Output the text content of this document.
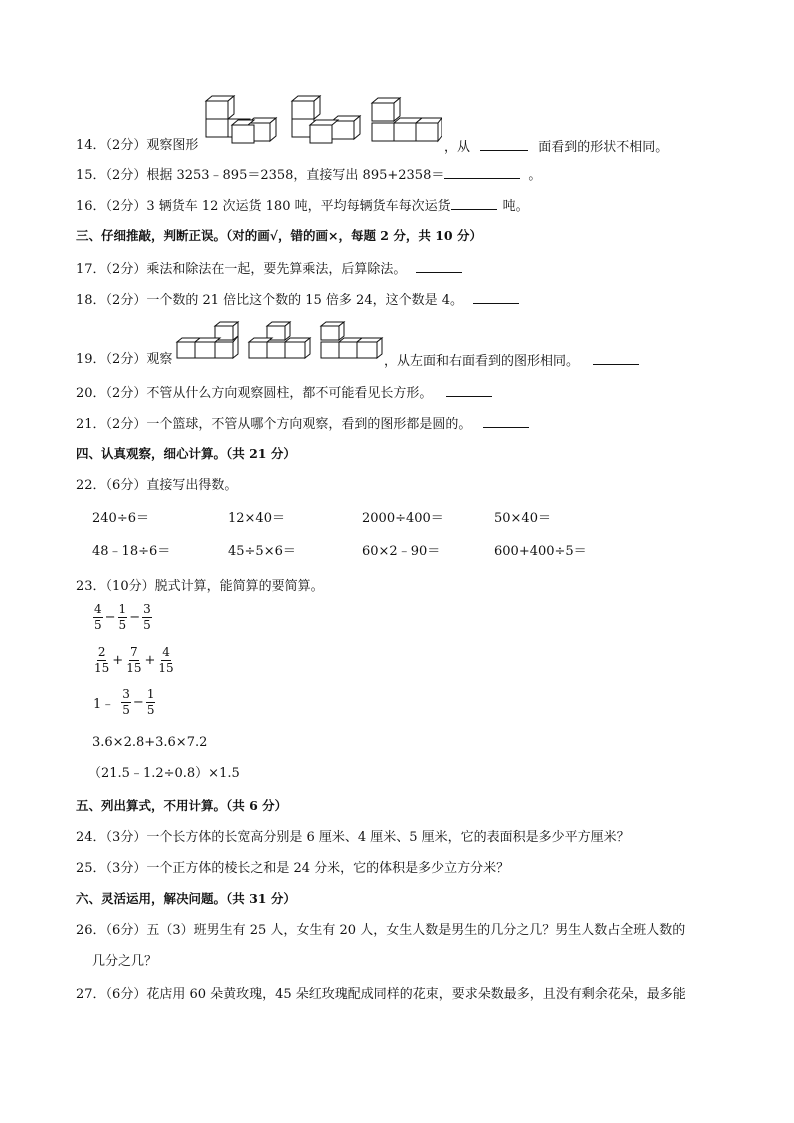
14．（2分）观察图形	，从	面看到的形状不相同。
15．（2分）根据 3253﹣895＝2358，直接写出 895+2358＝	。
16．（2分）3 辆货车 12 次运货 180 吨，平均每辆货车每次运货	吨。
三、仔细推敲，判断正误。（对的画√，错的画×，每题 2 分，共 10 分）
17．（2分）乘法和除法在一起，要先算乘法，后算除法。
18．（2分）一个数的 21 倍比这个数的 15 倍多 24，这个数是 4。
19．（2分）观察	，从左面和右面看到的图形相同。
20．（2分）不管从什么方向观察圆柱，都不可能看见长方形。
21．（2分）一个篮球，不管从哪个方向观察，看到的图形都是圆的。
四、认真观察，细心计算。（共 21 分）
22．（6分）直接写出得数。
240÷6＝	12×40＝	2000÷400＝	50×40＝
48﹣18÷6＝	45÷5×6＝	60×2﹣90＝	600+400÷5＝
23．（10分）脱式计算，能简算的要简算。
$\frac{4}{5} - \frac{1}{5} - \frac{3}{5}$
$\frac{2}{15} + \frac{7}{15} + \frac{4}{15}$
1﹣ $\frac{3}{5} - \frac{1}{5}$
3.6×2.8+3.6×7.2
（21.5﹣1.2÷0.8）×1.5
五、列出算式，不用计算。（共 6 分）
24．（3分）一个长方体的长宽高分别是 6 厘米、4 厘米、5 厘米，它的表面积是多少平方厘米？
25．（3分）一个正方体的棱长之和是 24 分米，它的体积是多少立方分米？
六、灵活运用，解决问题。（共 31 分）
26．（6分）五（3）班男生有 25 人，女生有 20 人，女生人数是男生的几分之几？男生人数占全班人数的
几分之几？
27．（6分）花店用 60 朵黄玫瑰，45 朵红玫瑰配成同样的花束，要求朵数最多，且没有剩余花朵，最多能
